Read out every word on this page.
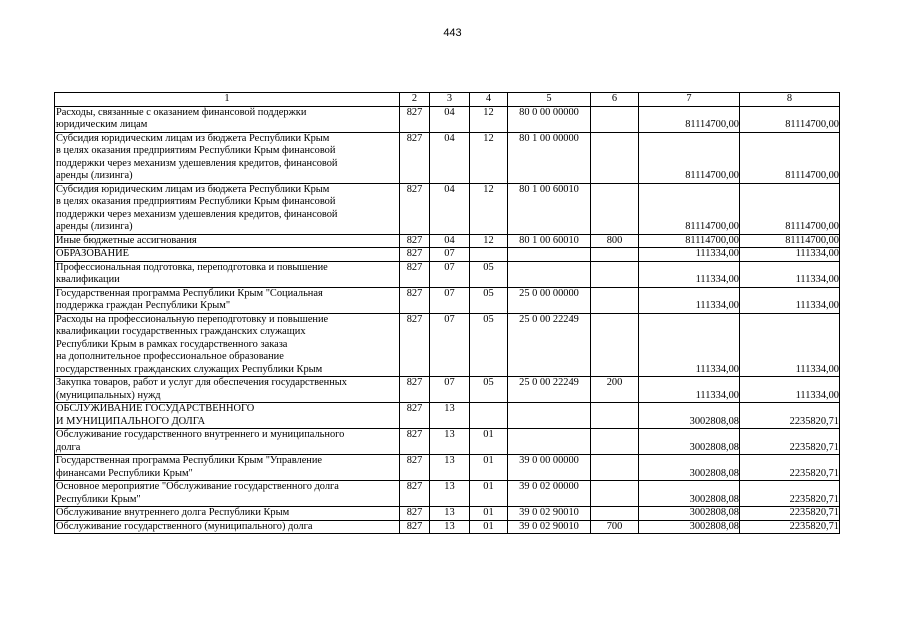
443
1	2	3	4	5	6	7	8
Расходы, связанные с оказанием финансовой поддержки
юридическим лицам	827	04	12	80 0 00 00000		81114700,00	81114700,00
Субсидия юридическим лицам из бюджета Республики Крым
в целях оказания предприятиям Республики Крым финансовой
поддержки через механизм удешевления кредитов, финансовой
аренды (лизинга)	827	04	12	80 1 00 00000		81114700,00	81114700,00
Субсидия юридическим лицам из бюджета Республики Крым
в целях оказания предприятиям Республики Крым финансовой
поддержки через механизм удешевления кредитов, финансовой
аренды (лизинга)	827	04	12	80 1 00 60010		81114700,00	81114700,00
Иные бюджетные ассигнования	827	04	12	80 1 00 60010	800	81114700,00	81114700,00
ОБРАЗОВАНИЕ	827	07				111334,00	111334,00
Профессиональная подготовка, переподготовка и повышение
квалификации	827	07	05			111334,00	111334,00
Государственная программа Республики Крым "Социальная
поддержка граждан Республики Крым"	827	07	05	25 0 00 00000		111334,00	111334,00
Расходы на профессиональную переподготовку и повышение
квалификации государственных гражданских служащих
Республики Крым в рамках государственного заказа
на дополнительное профессиональное образование
государственных гражданских служащих Республики Крым	827	07	05	25 0 00 22249		111334,00	111334,00
Закупка товаров, работ и услуг для обеспечения государственных
(муниципальных) нужд	827	07	05	25 0 00 22249	200	111334,00	111334,00
ОБСЛУЖИВАНИЕ ГОСУДАРСТВЕННОГО
И МУНИЦИПАЛЬНОГО ДОЛГА	827	13				3002808,08	2235820,71
Обслуживание государственного внутреннего и муниципального
долга	827	13	01			3002808,08	2235820,71
Государственная программа Республики Крым "Управление
финансами Республики Крым"	827	13	01	39 0 00 00000		3002808,08	2235820,71
Основное мероприятие "Обслуживание государственного долга
Республики Крым"	827	13	01	39 0 02 00000		3002808,08	2235820,71
Обслуживание внутреннего долга Республики Крым	827	13	01	39 0 02 90010		3002808,08	2235820,71
Обслуживание государственного (муниципального) долга	827	13	01	39 0 02 90010	700	3002808,08	2235820,71
